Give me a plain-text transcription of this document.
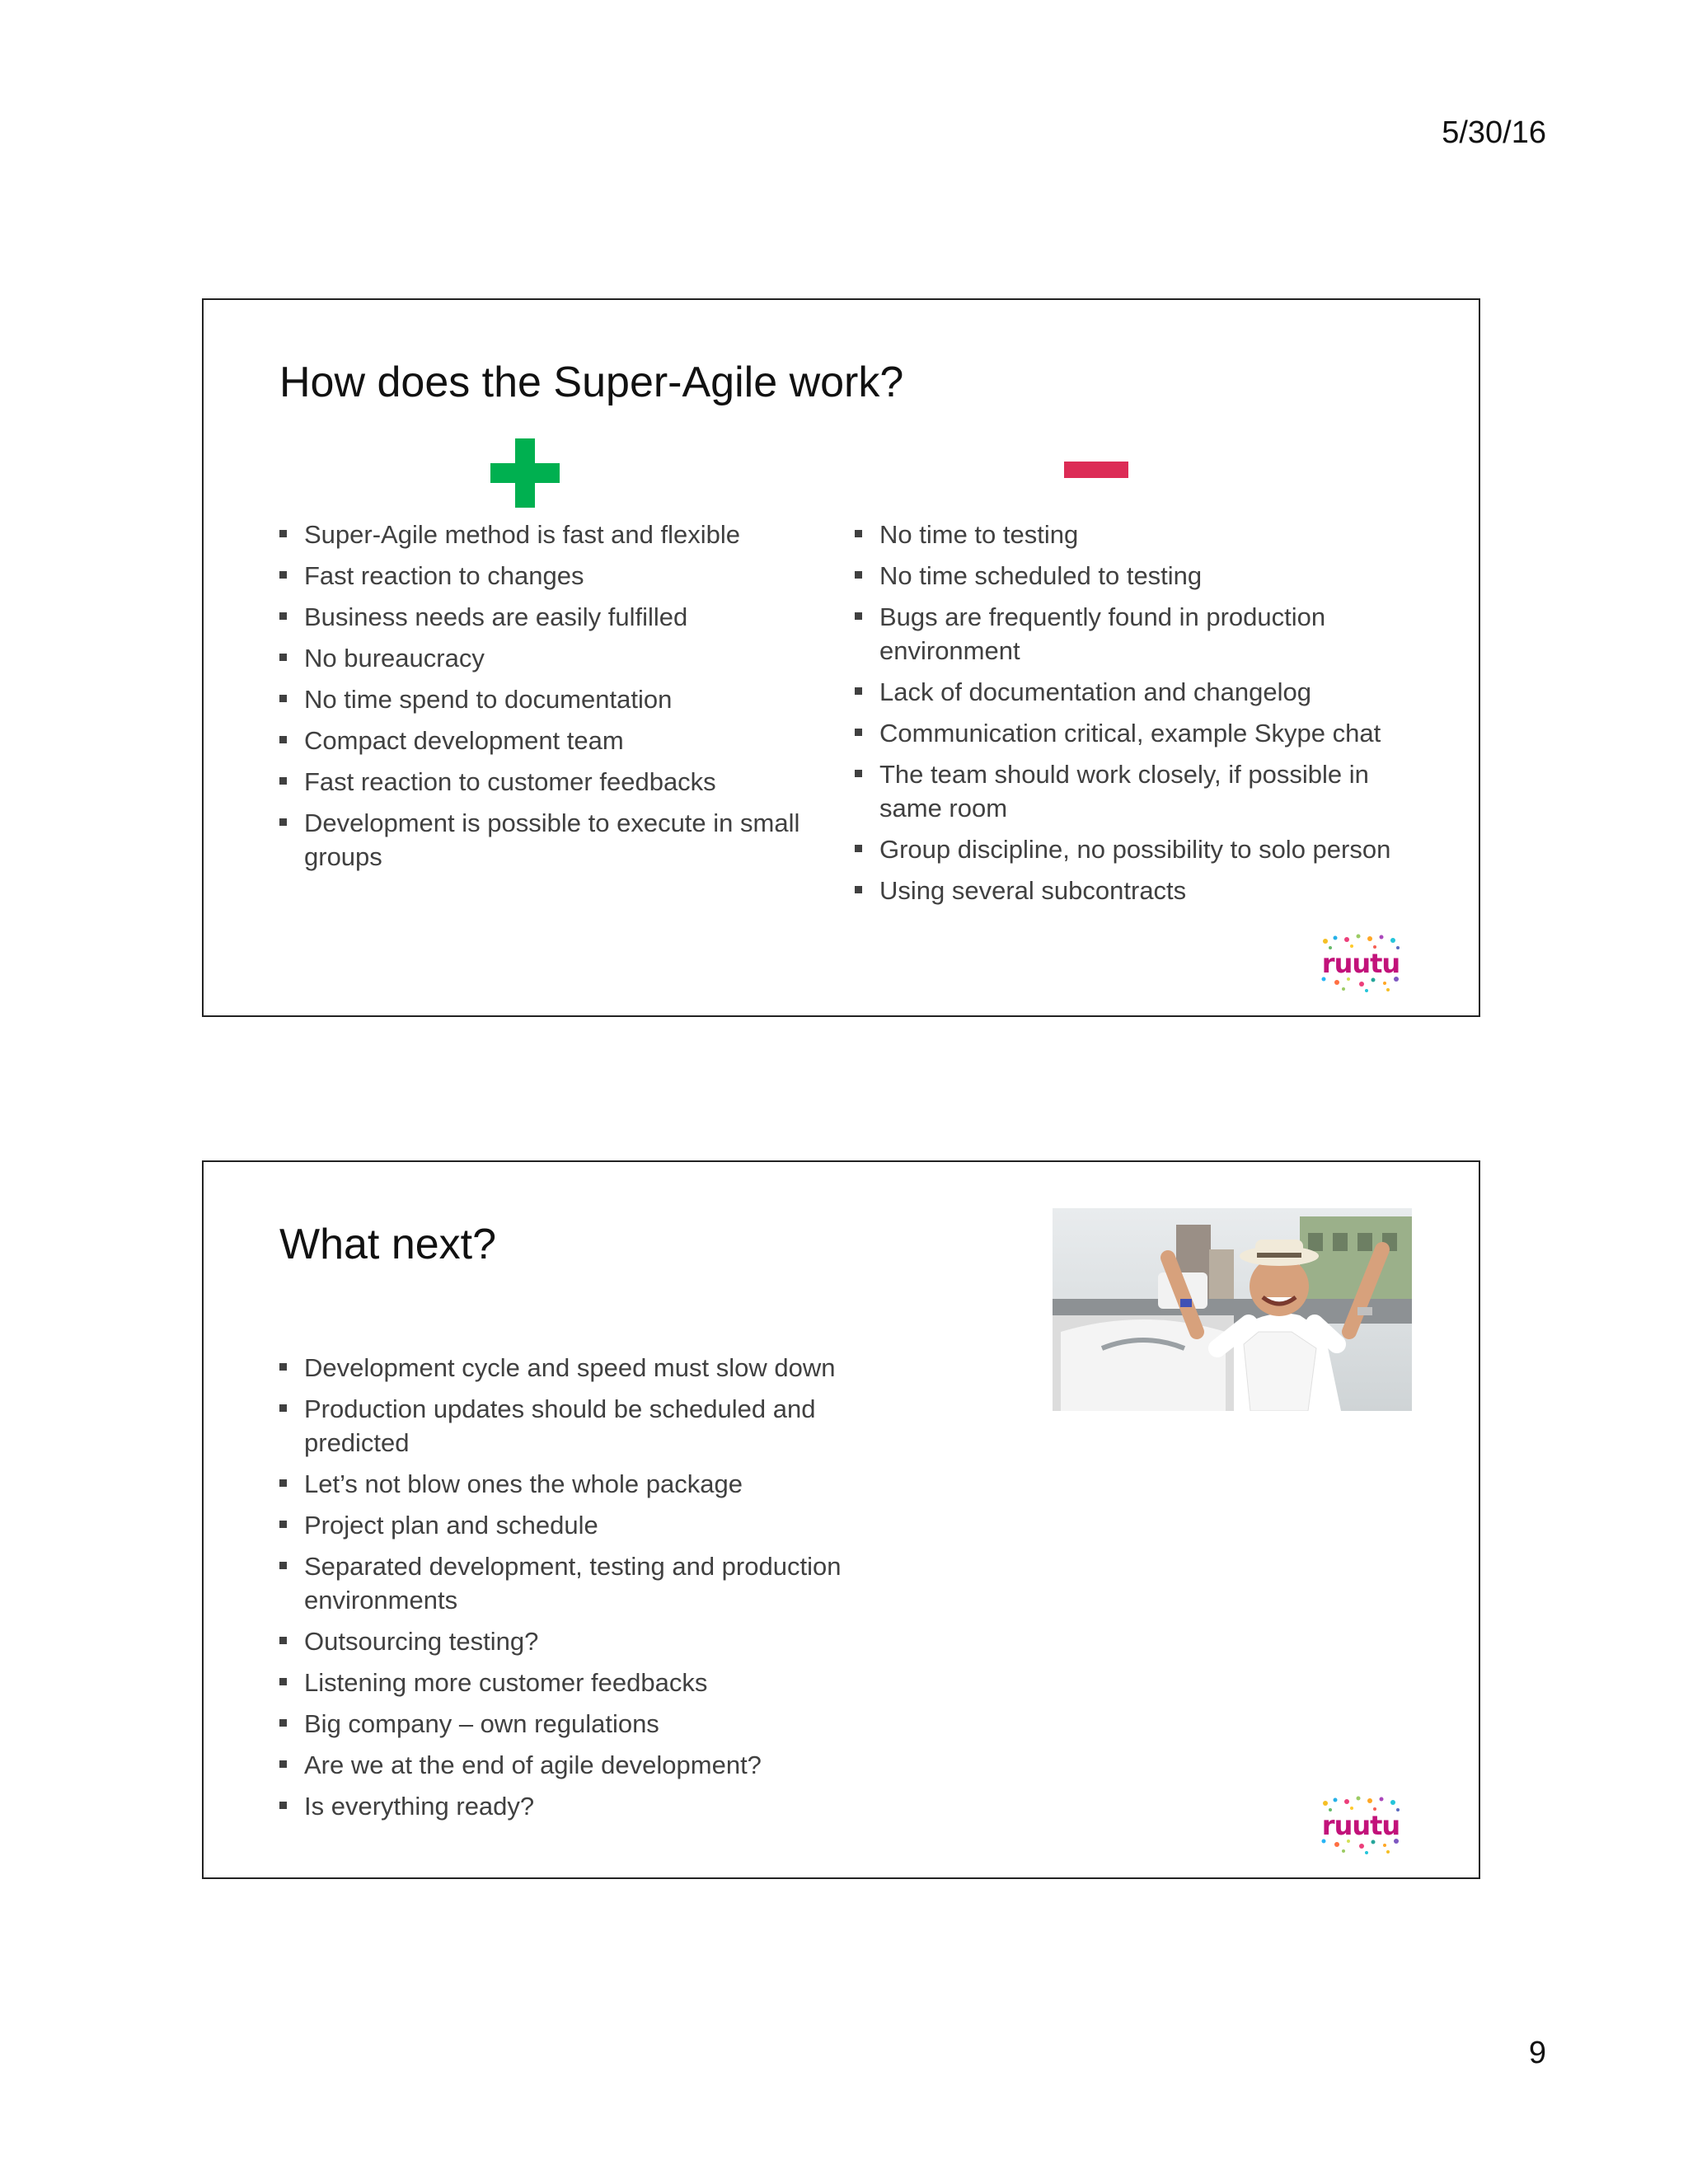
5/30/16
How does the Super-Agile work?
Super-Agile method is fast and flexible
Fast reaction to changes
Business needs are easily fulfilled
No bureaucracy
No time spend to documentation
Compact development team
Fast reaction to customer feedbacks
Development is possible to execute in small groups
No time to testing
No time scheduled to testing
Bugs are frequently found in production environment
Lack of documentation and changelog
Communication critical, example Skype chat
The team should work closely, if possible in same room
Group discipline, no possibility to solo person
Using several subcontracts
ruutu
What next?
Development cycle and speed must slow down
Production updates should be scheduled and predicted
Let’s not blow ones the whole package
Project plan and schedule
Separated development, testing and production environments
Outsourcing testing?
Listening more customer feedbacks
Big company – own regulations
Are we at the end of agile development?
Is everything ready?
ruutu
9
